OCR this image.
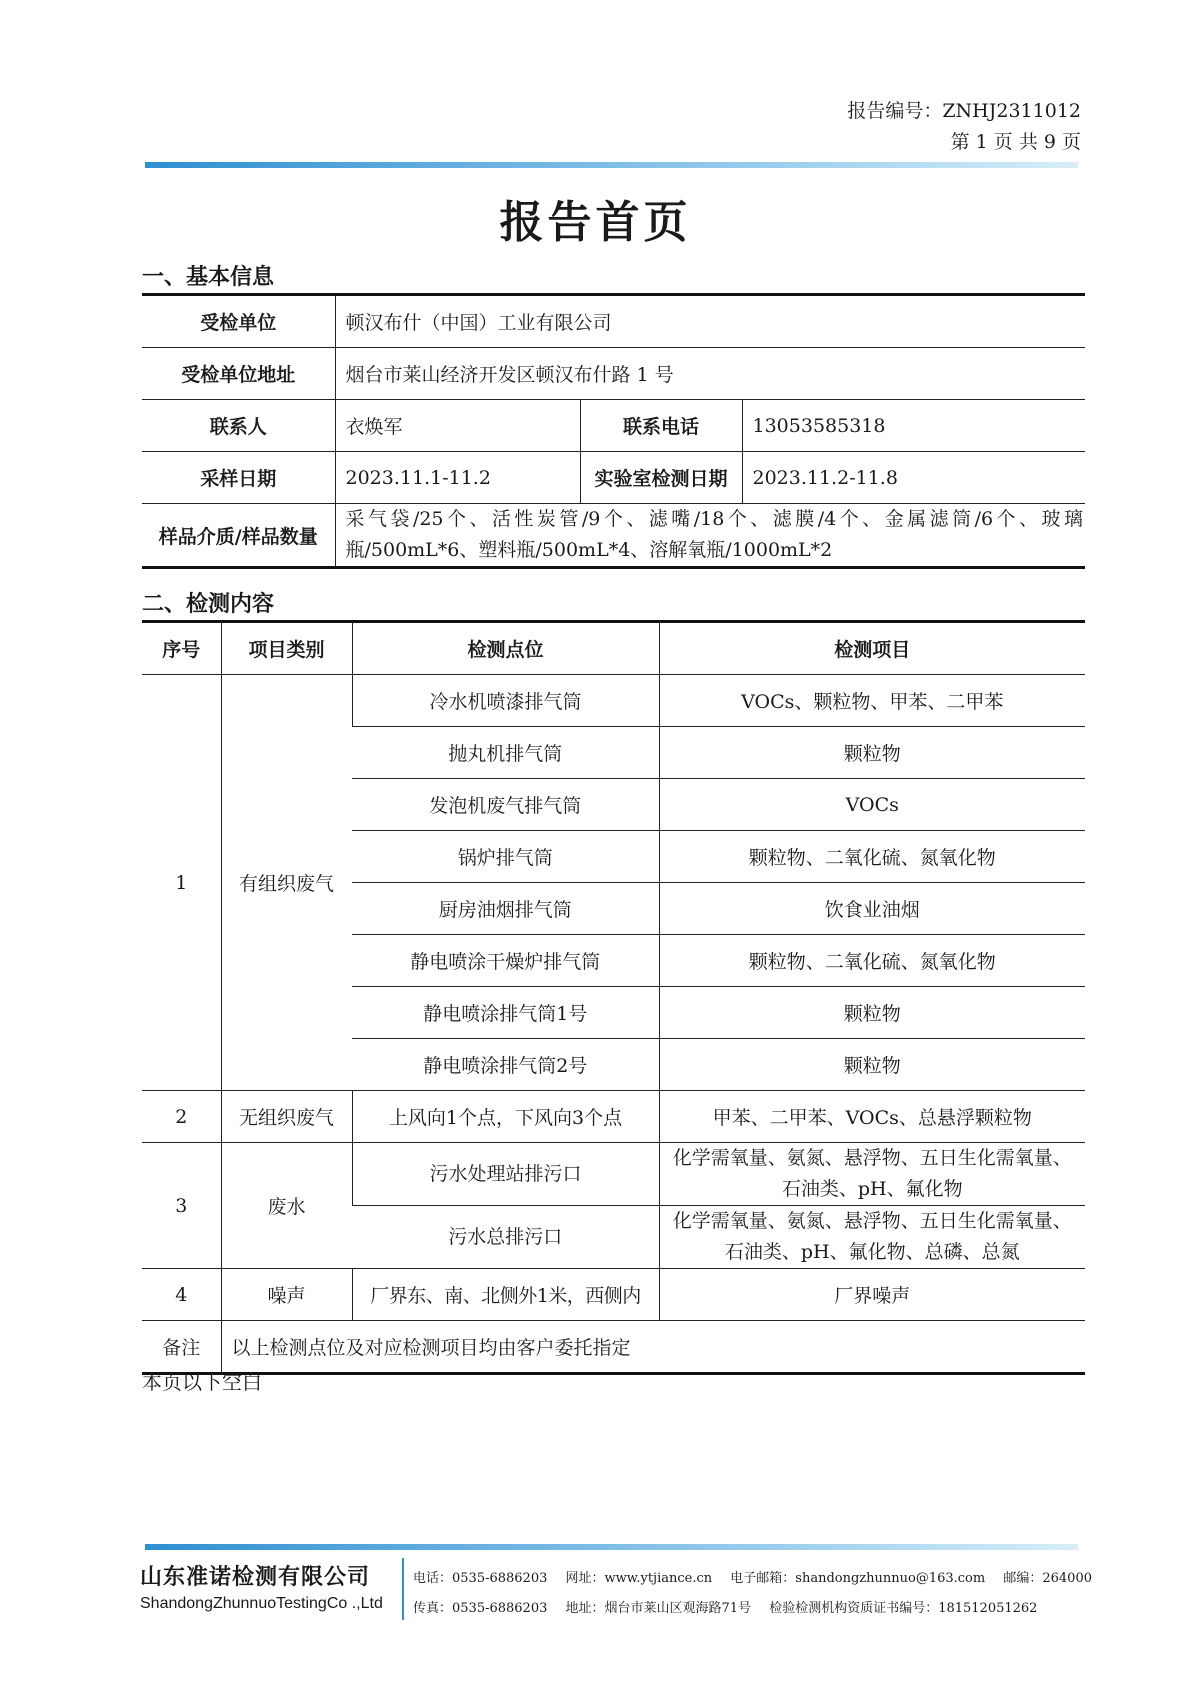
报告编号：ZNHJ2311012
第 1 页 共 9 页
报告首页
一、基本信息
受检单位	顿汉布什（中国）工业有限公司		
受检单位地址	烟台市莱山经济开发区顿汉布什路 1 号		
联系人	衣焕军	联系电话	13053585318
采样日期	2023.11.1-11.2	实验室检测日期	2023.11.2-11.8
样品介质/样品数量	采气袋/25个、活性炭管/9个、滤嘴/18个、滤膜/4个、金属滤筒/6个、玻璃瓶/500mL*6、塑料瓶/500mL*4、溶解氧瓶/1000mL*2		
二、检测内容
序号	项目类别	检测点位	检测项目
1	有组织废气	冷水机喷漆排气筒	VOCs、颗粒物、甲苯、二甲苯
		抛丸机排气筒	颗粒物
		发泡机废气排气筒	VOCs
		锅炉排气筒	颗粒物、二氧化硫、氮氧化物
		厨房油烟排气筒	饮食业油烟
		静电喷涂干燥炉排气筒	颗粒物、二氧化硫、氮氧化物
		静电喷涂排气筒1号	颗粒物
		静电喷涂排气筒2号	颗粒物
2	无组织废气	上风向1个点，下风向3个点	甲苯、二甲苯、VOCs、总悬浮颗粒物
3	废水	污水处理站排污口	化学需氧量、氨氮、悬浮物、五日生化需氧量、石油类、pH、氟化物
		污水总排污口	化学需氧量、氨氮、悬浮物、五日生化需氧量、石油类、pH、氟化物、总磷、总氮
4	噪声	厂界东、南、北侧外1米，西侧内	厂界噪声
备注	以上检测点位及对应检测项目均由客户委托指定		
本页以下空白
山东准诺检测有限公司
ShandongZhunnuoTestingCo .,Ltd
电话：0535-6886203 网址：www.ytjiance.cn 电子邮箱：shandongzhunnuo@163.com 邮编：264000
传真：0535-6886203 地址：烟台市莱山区观海路71号 检验检测机构资质证书编号：181512051262
